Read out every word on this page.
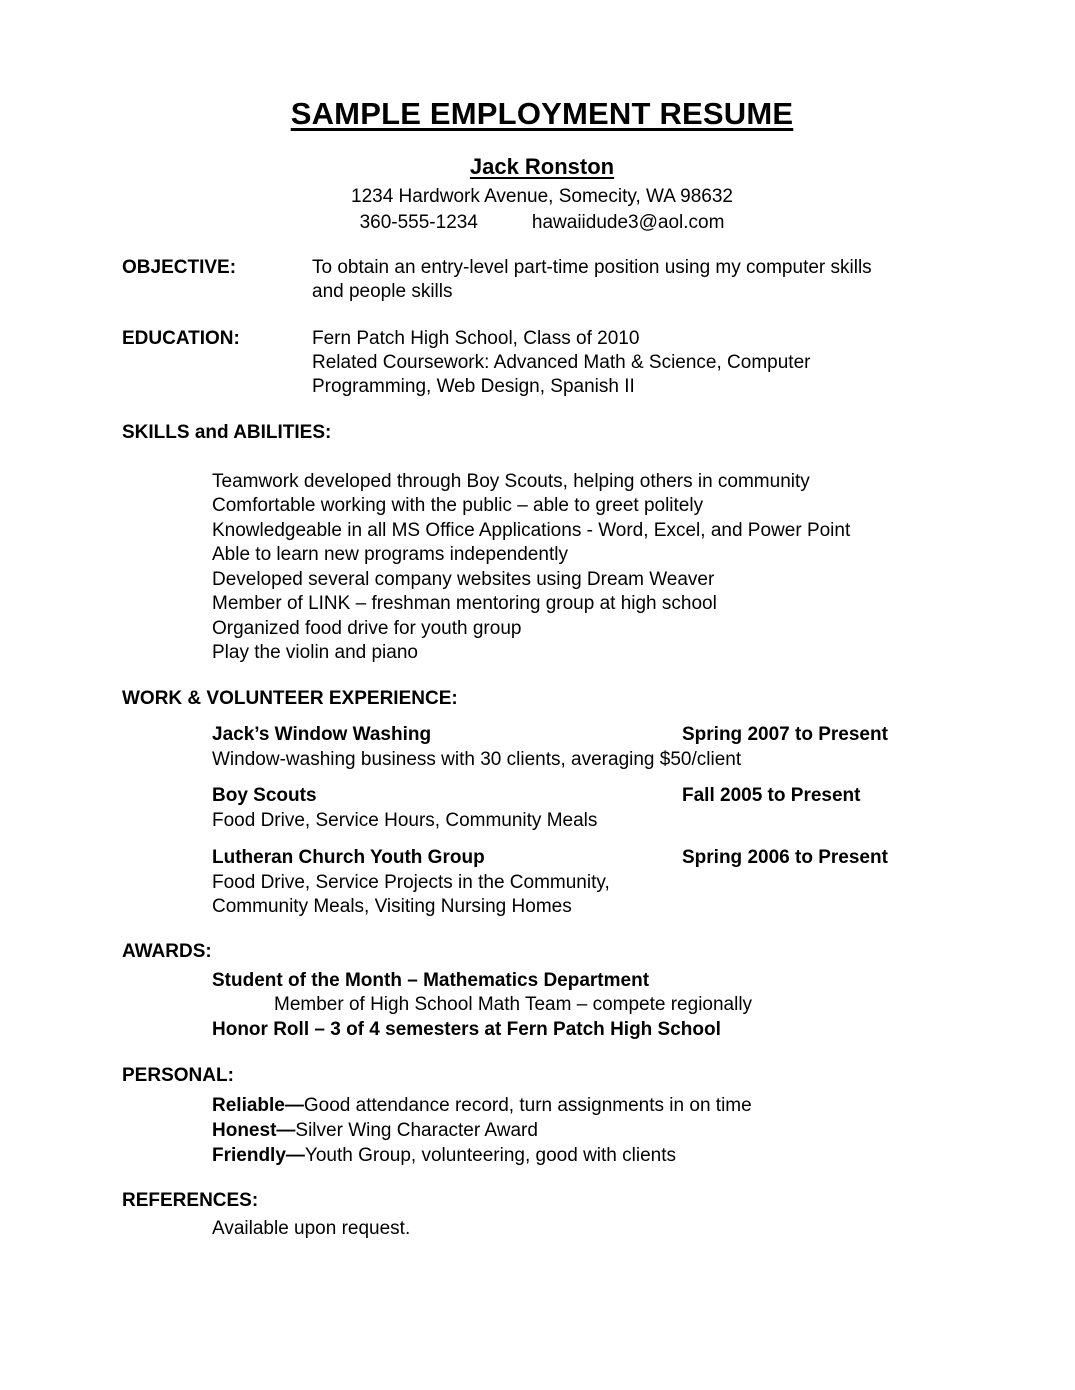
SAMPLE EMPLOYMENT RESUME
Jack Ronston
1234 Hardwork Avenue, Somecity, WA 98632
360-555-1234	hawaiidude3@aol.com
OBJECTIVE:	To obtain an entry-level part-time position using my computer skills
and people skills
EDUCATION:	Fern Patch High School, Class of 2010
Related Coursework: Advanced Math & Science, Computer
Programming, Web Design, Spanish II
SKILLS and ABILITIES:
Teamwork developed through Boy Scouts, helping others in community
Comfortable working with the public – able to greet politely
Knowledgeable in all MS Office Applications - Word, Excel, and Power Point
Able to learn new programs independently
Developed several company websites using Dream Weaver
Member of LINK – freshman mentoring group at high school
Organized food drive for youth group
Play the violin and piano
WORK & VOLUNTEER EXPERIENCE:
Jack’s Window Washing	Spring 2007 to Present
Window-washing business with 30 clients, averaging $50/client
Boy Scouts	Fall 2005 to Present
Food Drive, Service Hours, Community Meals
Lutheran Church Youth Group	Spring 2006 to Present
Food Drive, Service Projects in the Community,
Community Meals, Visiting Nursing Homes
AWARDS:
Student of the Month – Mathematics Department
Member of High School Math Team – compete regionally
Honor Roll – 3 of 4 semesters at Fern Patch High School
PERSONAL:
Reliable—Good attendance record, turn assignments in on time
Honest—Silver Wing Character Award
Friendly—Youth Group, volunteering, good with clients
REFERENCES:
Available upon request.
